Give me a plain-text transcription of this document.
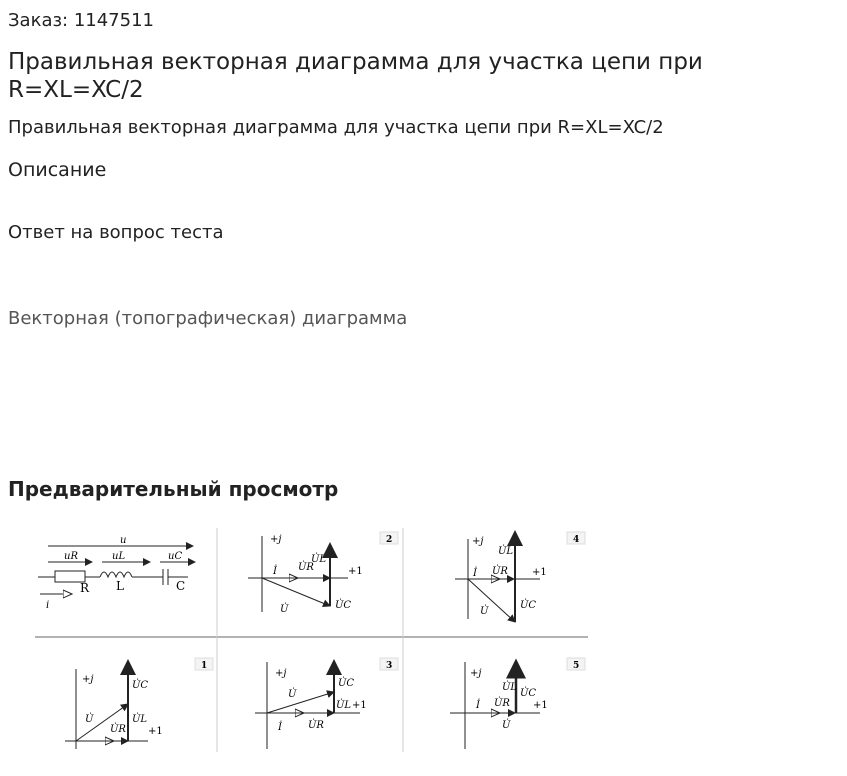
Заказ: 1147511
Правильная векторная диаграмма для участка цепи при R=XL=XC/2
Правильная векторная диаграмма для участка цепи при R=XL=XC/2
Описание
Ответ на вопрос теста
Векторная (топографическая) диаграмма
Предварительный просмотр
u
uR	uL	uC
R L	C
i
2
+j
+1
İ U̇R
U̇L
U̇C
U̇
4
+j
+1
İ U̇R
U̇L
U̇C
U̇
1
+j
+1
U̇R
U̇L
U̇C
U̇
3
+j
+1
İ	U̇R
U̇L
U̇C
U̇
5
+j
+1
İ U̇R
U̇L
U̇C
U̇
